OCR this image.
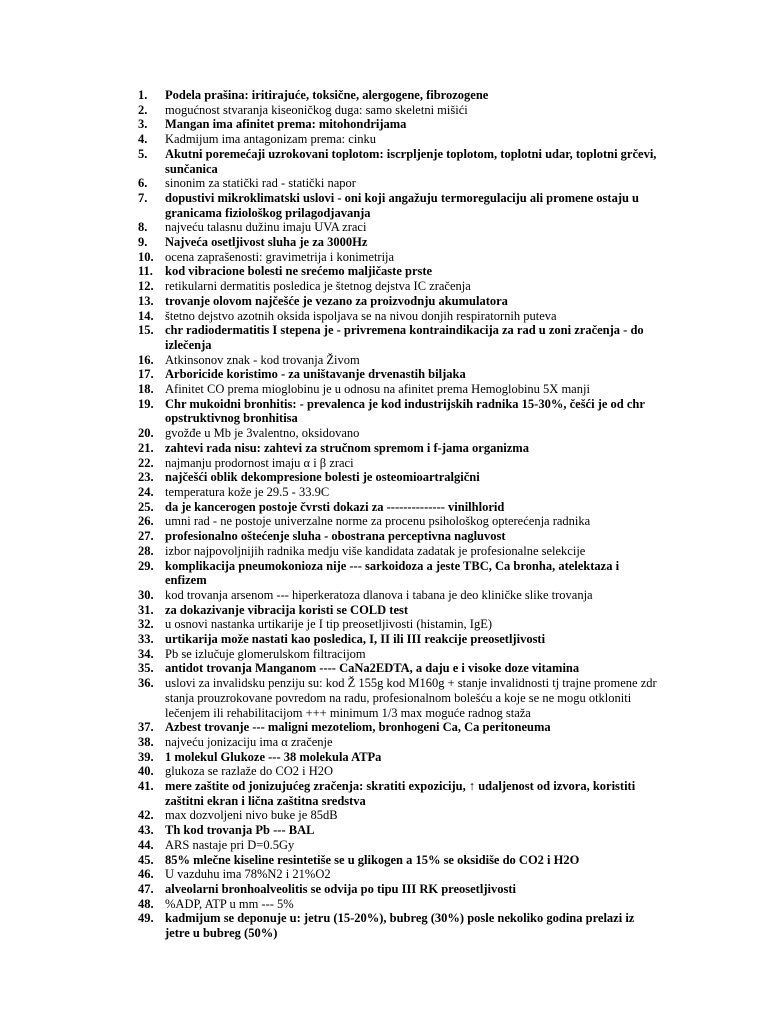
1.	Podela prašina: iritirajuće, toksične, alergogene, fibrozogene
2.	mogućnost stvaranja kiseoničkog duga: samo skeletni mišići
3.	Mangan ima afinitet prema: mitohondrijama
4.	Kadmijum ima antagonizam prema: cinku
5.	Akutni poremećaji uzrokovani toplotom: iscrpljenje toplotom, toplotni udar, toplotni grčevi, sunčanica
6.	sinonim za statički rad - statički napor
7.	dopustivi mikroklimatski uslovi - oni koji angažuju termoregulaciju ali promene ostaju u granicama fiziološkog prilagodjavanja
8.	najveću talasnu dužinu imaju UVA zraci
9.	Najveća osetljivost sluha je za 3000Hz
10. ocena zaprašenosti: gravimetrija i konimetrija
11. kod vibracione bolesti ne srećemo maljičaste prste
12. retikularni dermatitis posledica je štetnog dejstva IC zračenja
13. trovanje olovom najčešće je vezano za proizvodnju akumulatora
14. štetno dejstvo azotnih oksida ispoljava se na nivou donjih respiratornih puteva
15. chr radiodermatitis I stepena je - privremena kontraindikacija za rad u zoni zračenja - do izlečenja
16. Atkinsonov znak - kod trovanja Živom
17. Arboricide koristimo - za uništavanje drvenastih biljaka
18. Afinitet CO prema mioglobinu je u odnosu na afinitet prema Hemoglobinu 5X manji
19. Chr mukoidni bronhitis: - prevalenca je kod industrijskih radnika 15-30%, češći je od chr opstruktivnog bronhitisa
20. gvožđe u Mb je 3valentno, oksidovano
21. zahtevi rada nisu: zahtevi za stručnom spremom i f-jama organizma
22. najmanju prodornost imaju α i β zraci
23. najčešći oblik dekompresione bolesti je osteomioartralgični
24. temperatura kože je 29.5 - 33.9C
25. da je kancerogen postoje čvrsti dokazi za -------------- vinilhlorid
26. umni rad - ne postoje univerzalne norme za procenu psihološkog opterećenja radnika
27. profesionalno oštećenje sluha - obostrana perceptivna nagluvost
28. izbor najpovoljnijih radnika medju više kandidata zadatak je profesionalne selekcije
29. komplikacija pneumokonioza nije --- sarkoidoza a jeste TBC, Ca bronha, atelektaza i enfizem
30. kod trovanja arsenom --- hiperkeratoza dlanova i tabana je deo kliničke slike trovanja
31. za dokazivanje vibracija koristi se COLD test
32. u osnovi nastanka urtikarije je I tip preosetljivosti (histamin, IgE)
33. urtikarija može nastati kao posledica, I, II ili III reakcije preosetljivosti
34. Pb se izlučuje glomerulskom filtracijom
35. antidot trovanja Manganom ---- CaNa2EDTA, a daju e i visoke doze vitamina
36. uslovi za invalidsku penziju su: kod Ž 155g kod M160g + stanje invalidnosti tj trajne promene zdr stanja prouzrokovane povredom na radu, profesionalnom bolešću a koje se ne mogu otkloniti lečenjem ili rehabilitacijom +++ minimum 1/3 max moguće radnog staža
37. Azbest trovanje --- maligni mezoteliom, bronhogeni Ca, Ca peritoneuma
38. najveću jonizaciju ima α zračenje
39. 1 molekul Glukoze --- 38 molekula ATPa
40. glukoza se razlaže do CO2 i H2O
41. mere zaštite od jonizujućeg zračenja: skratiti expoziciju, ↑ udaljenost od izvora, koristiti zaštitni ekran i lična zaštitna sredstva
42. max dozvoljeni nivo buke je 85dB
43. Th kod trovanja Pb --- BAL
44. ARS nastaje pri D=0.5Gy
45. 85% mlečne kiseline resintetiše se u glikogen a 15% se oksidiše do CO2 i H2O
46. U vazduhu ima 78%N2 i 21%O2
47. alveolarni bronhoalveolitis se odvija po tipu III RK preosetljivosti
48. %ADP, ATP u mm --- 5%
49. kadmijum se deponuje u: jetru (15-20%), bubreg (30%) posle nekoliko godina prelazi iz jetre u bubreg (50%)
